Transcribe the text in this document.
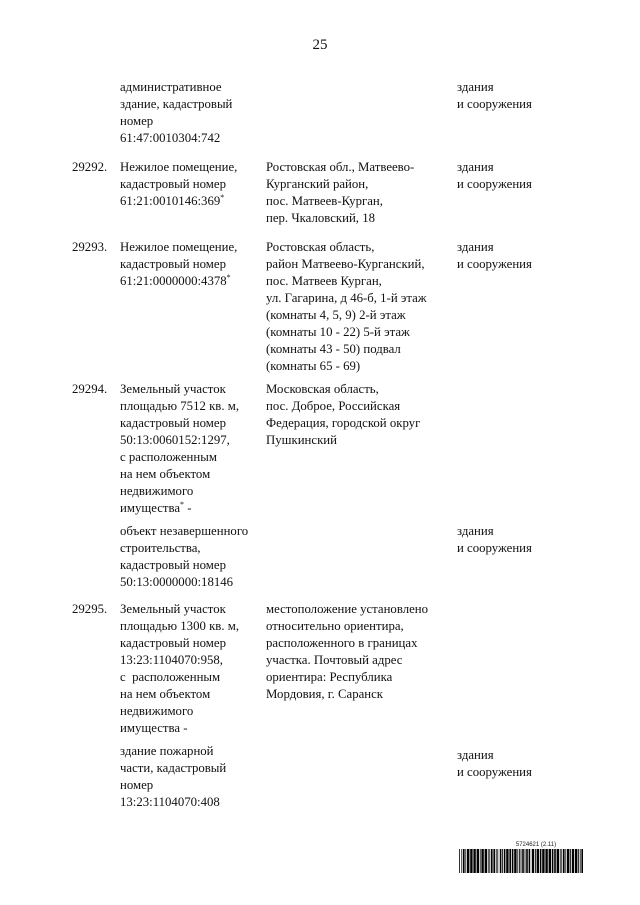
25
административное
здание, кадастровый
номер
61:47:0010304:742
здания
и сооружения
29292. Нежилое помещение,
кадастровый номер
61:21:0010146:369*
Ростовская обл., Матвеево-
Курганский район,
пос. Матвеев-Курган,
пер. Чкаловский, 18
здания
и сооружения
29293. Нежилое помещение,
кадастровый номер
61:21:0000000:4378*
Ростовская область,
район Матвеево-Курганский,
пос. Матвеев Курган,
ул. Гагарина, д 46-б, 1-й этаж
(комнаты 4, 5, 9) 2-й этаж
(комнаты 10 - 22) 5-й этаж
(комнаты 43 - 50) подвал
(комнаты 65 - 69)
здания
и сооружения
29294. Земельный участок
площадью 7512 кв. м,
кадастровый номер
50:13:0060152:1297,
с расположенным
на нем объектом
недвижимого
имущества* -
Московская область,
пос. Доброе, Российская
Федерация, городской округ
Пушкинский
объект незавершенного
строительства,
кадастровый номер
50:13:0000000:18146
здания
и сооружения
29295. Земельный участок
площадью 1300 кв. м,
кадастровый номер
13:23:1104070:958,
с  расположенным
на нем объектом
недвижимого
имущества -
местоположение установлено
относительно ориентира,
расположенного в границах
участка. Почтовый адрес
ориентира: Республика
Мордовия, г. Саранск
здание пожарной
части, кадастровый
номер
13:23:1104070:408
здания
и сооружения
5724621 (2.11)
